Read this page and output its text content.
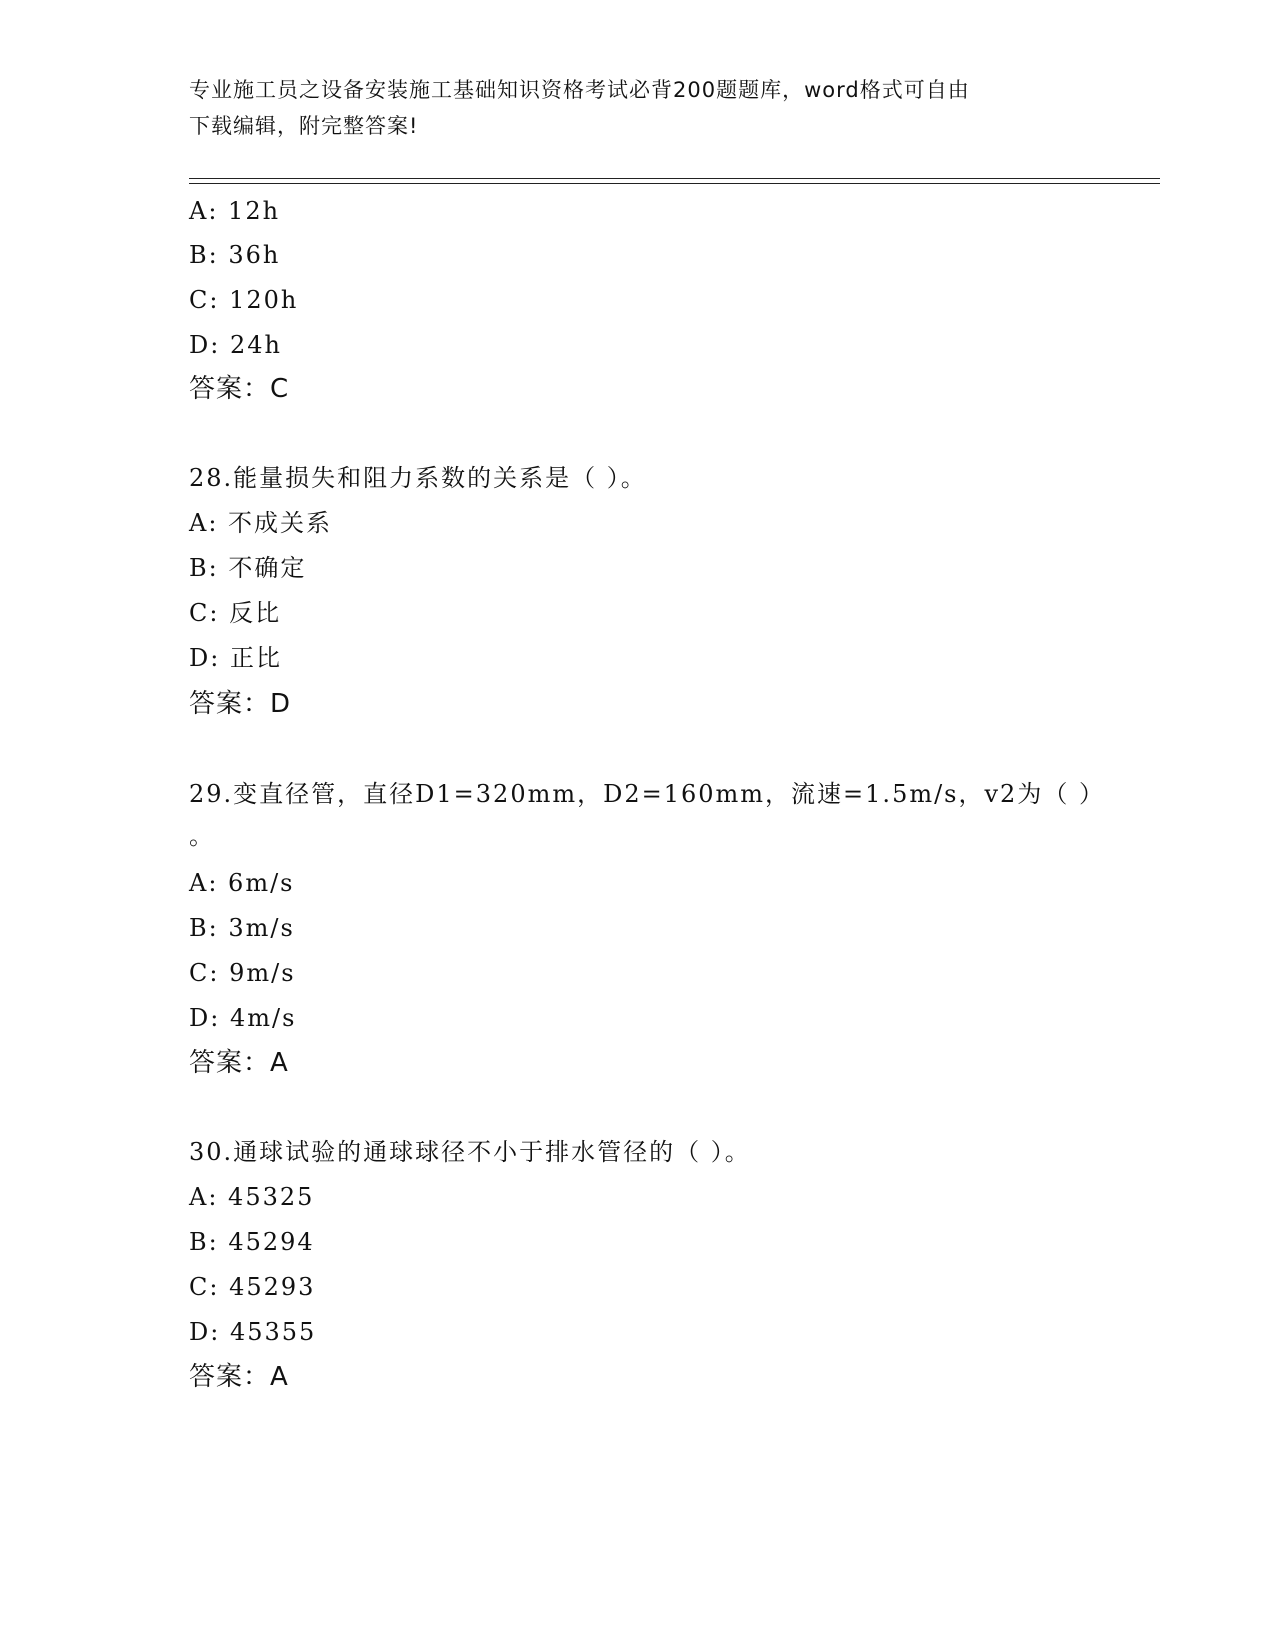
专业施工员之设备安装施工基础知识资格考试必背200题题库，word格式可自由
下载编辑，附完整答案!
A: 12h
B: 36h
C: 120h
D: 24h
答案：C
28.能量损失和阻力系数的关系是（ ）。
A: 不成关系
B: 不确定
C: 反比
D: 正比
答案：D
29.变直径管，直径D1=320mm，D2=160mm，流速=1.5m/s，v2为（ ）
。
A: 6m/s
B: 3m/s
C: 9m/s
D: 4m/s
答案：A
30.通球试验的通球球径不小于排水管径的（ ）。
A: 45325
B: 45294
C: 45293
D: 45355
答案：A
